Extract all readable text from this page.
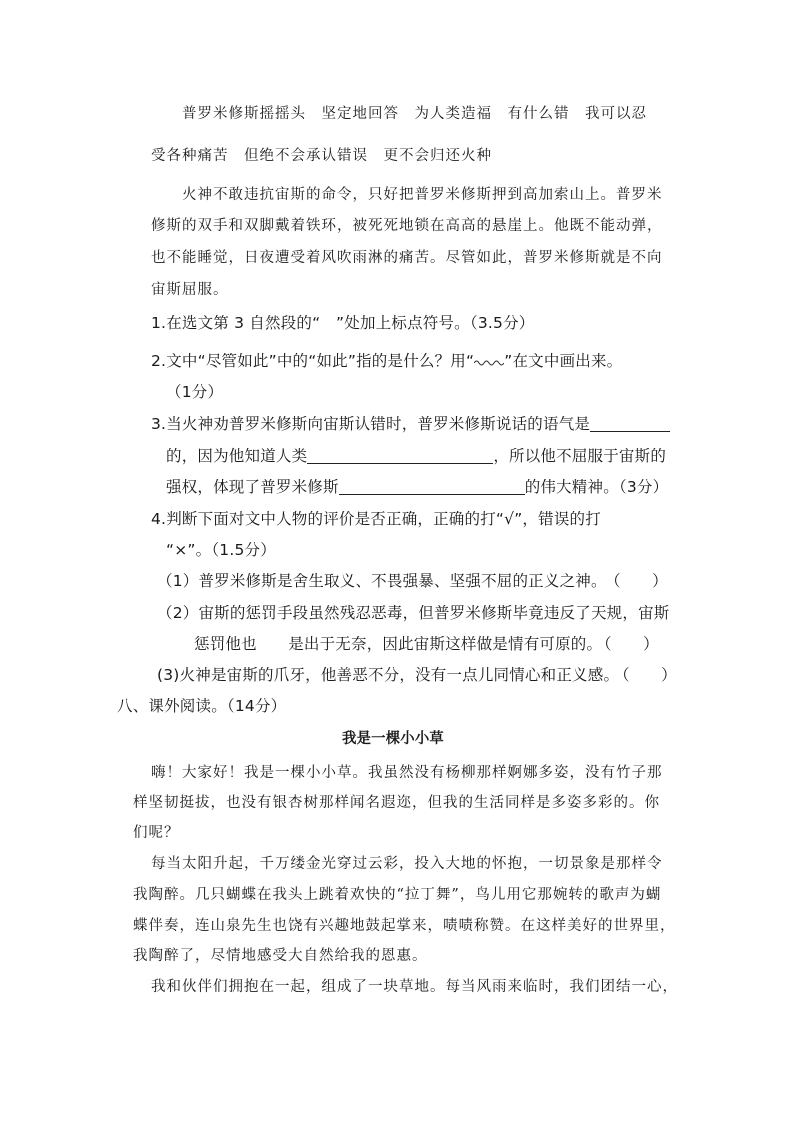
普罗米修斯摇摇头　坚定地回答　为人类造福　有什么错　我可以忍
受各种痛苦　但绝不会承认错误　更不会归还火种
火神不敢违抗宙斯的命令，只好把普罗米修斯押到高加索山上。普罗米
修斯的双手和双脚戴着铁环，被死死地锁在高高的悬崖上。他既不能动弹，
也不能睡觉，日夜遭受着风吹雨淋的痛苦。尽管如此，普罗米修斯就是不向
宙斯屈服。
1.在选文第 3 自然段的“　”处加上标点符号。（3.5分）
2.文中“尽管如此”中的“如此”指的是什么？用“ ”在文中画出来。
（1分）
3.当火神劝普罗米修斯向宙斯认错时，普罗米修斯说话的语气是
的，因为他知道人类	，所以他不屈服于宙斯的
强权，体现了普罗米修斯	的伟大精神。（3分）
4.判断下面对文中人物的评价是否正确，正确的打“√”，错误的打
“×”。（1.5分）
（1）普罗米修斯是舍生取义、不畏强暴、坚强不屈的正义之神。
（　　）
（2）宙斯的惩罚手段虽然残忍恶毒，但普罗米修斯毕竟违反了天规，宙斯
惩罚他也　　是出于无奈，因此宙斯这样做是情有可原的。
（　　）
(3)火神是宙斯的爪牙，他善恶不分，没有一点儿同情心和正义感。
（　　）
八、课外阅读。（14分）
我是一棵小小草
嗨！大家好！我是一棵小小草。我虽然没有杨柳那样婀娜多姿，没有竹子那
样坚韧挺拔，也没有银杏树那样闻名遐迩，但我的生活同样是多姿多彩的。你
们呢？
每当太阳升起，千万缕金光穿过云彩，投入大地的怀抱，一切景象是那样令
我陶醉。几只蝴蝶在我头上跳着欢快的“拉丁舞”，鸟儿用它那婉转的歌声为蝴
蝶伴奏，连山泉先生也饶有兴趣地鼓起掌来，啧啧称赞。在这样美好的世界里，
我陶醉了，尽情地感受大自然给我的恩惠。
我和伙伴们拥抱在一起，组成了一块草地。每当风雨来临时，我们团结一心，
